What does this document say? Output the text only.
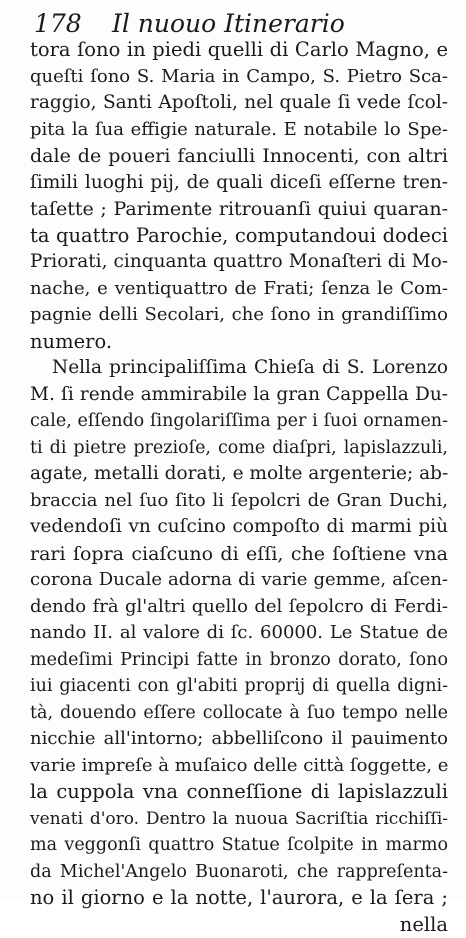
178 Il nuouo Itinerario
tora ſono in piedi quelli di Carlo Magno, e
queſti ſono S. Maria in Campo, S. Pietro Sca-
raggio, Santi Apoſtoli, nel quale ſi vede ſcol-
pita la ſua effigie naturale. E notabile lo Spe-
dale de poueri fanciulli Innocenti, con altri
ſimili luoghi pij, de quali diceſi eſſerne tren-
taſette ; Parimente ritrouanſi quiui quaran-
ta quattro Parochie, computandoui dodeci
Priorati, cinquanta quattro Monaſteri di Mo-
nache, e ventiquattro de Frati; ſenza le Com-
pagnie delli Secolari, che ſono in grandiſſimo
numero.
Nella principaliſſima Chieſa di S. Lorenzo
M. ſi rende ammirabile la gran Cappella Du-
cale, eſſendo ſingolariſſima per i ſuoi ornamen-
ti di pietre prezioſe, come diaſpri, lapislazzuli,
agate, metalli dorati, e molte argenterie; ab-
braccia nel ſuo ſito li ſepolcri de Gran Duchi,
vedendoſi vn cuſcino compoſto di marmi più
rari ſopra ciaſcuno di eſſi, che ſoſtiene vna
corona Ducale adorna di varie gemme, aſcen-
dendo frà gl'altri quello del ſepolcro di Ferdi-
nando II. al valore di ſc. 60000. Le Statue de
medeſimi Principi fatte in bronzo dorato, ſono
iui giacenti con gl'abiti proprij di quella digni-
tà, douendo eſſere collocate à ſuo tempo nelle
nicchie all'intorno; abbelliſcono il pauimento
varie impreſe à muſaico delle città ſoggette, e
la cuppola vna conneſſione di lapislazzuli
venati d'oro. Dentro la nuoua Sacriſtia ricchiſſi-
ma veggonſi quattro Statue ſcolpite in marmo
da Michel'Angelo Buonaroti, che rappreſenta-
no il giorno e la notte, l'aurora, e la ſera ;
nella
